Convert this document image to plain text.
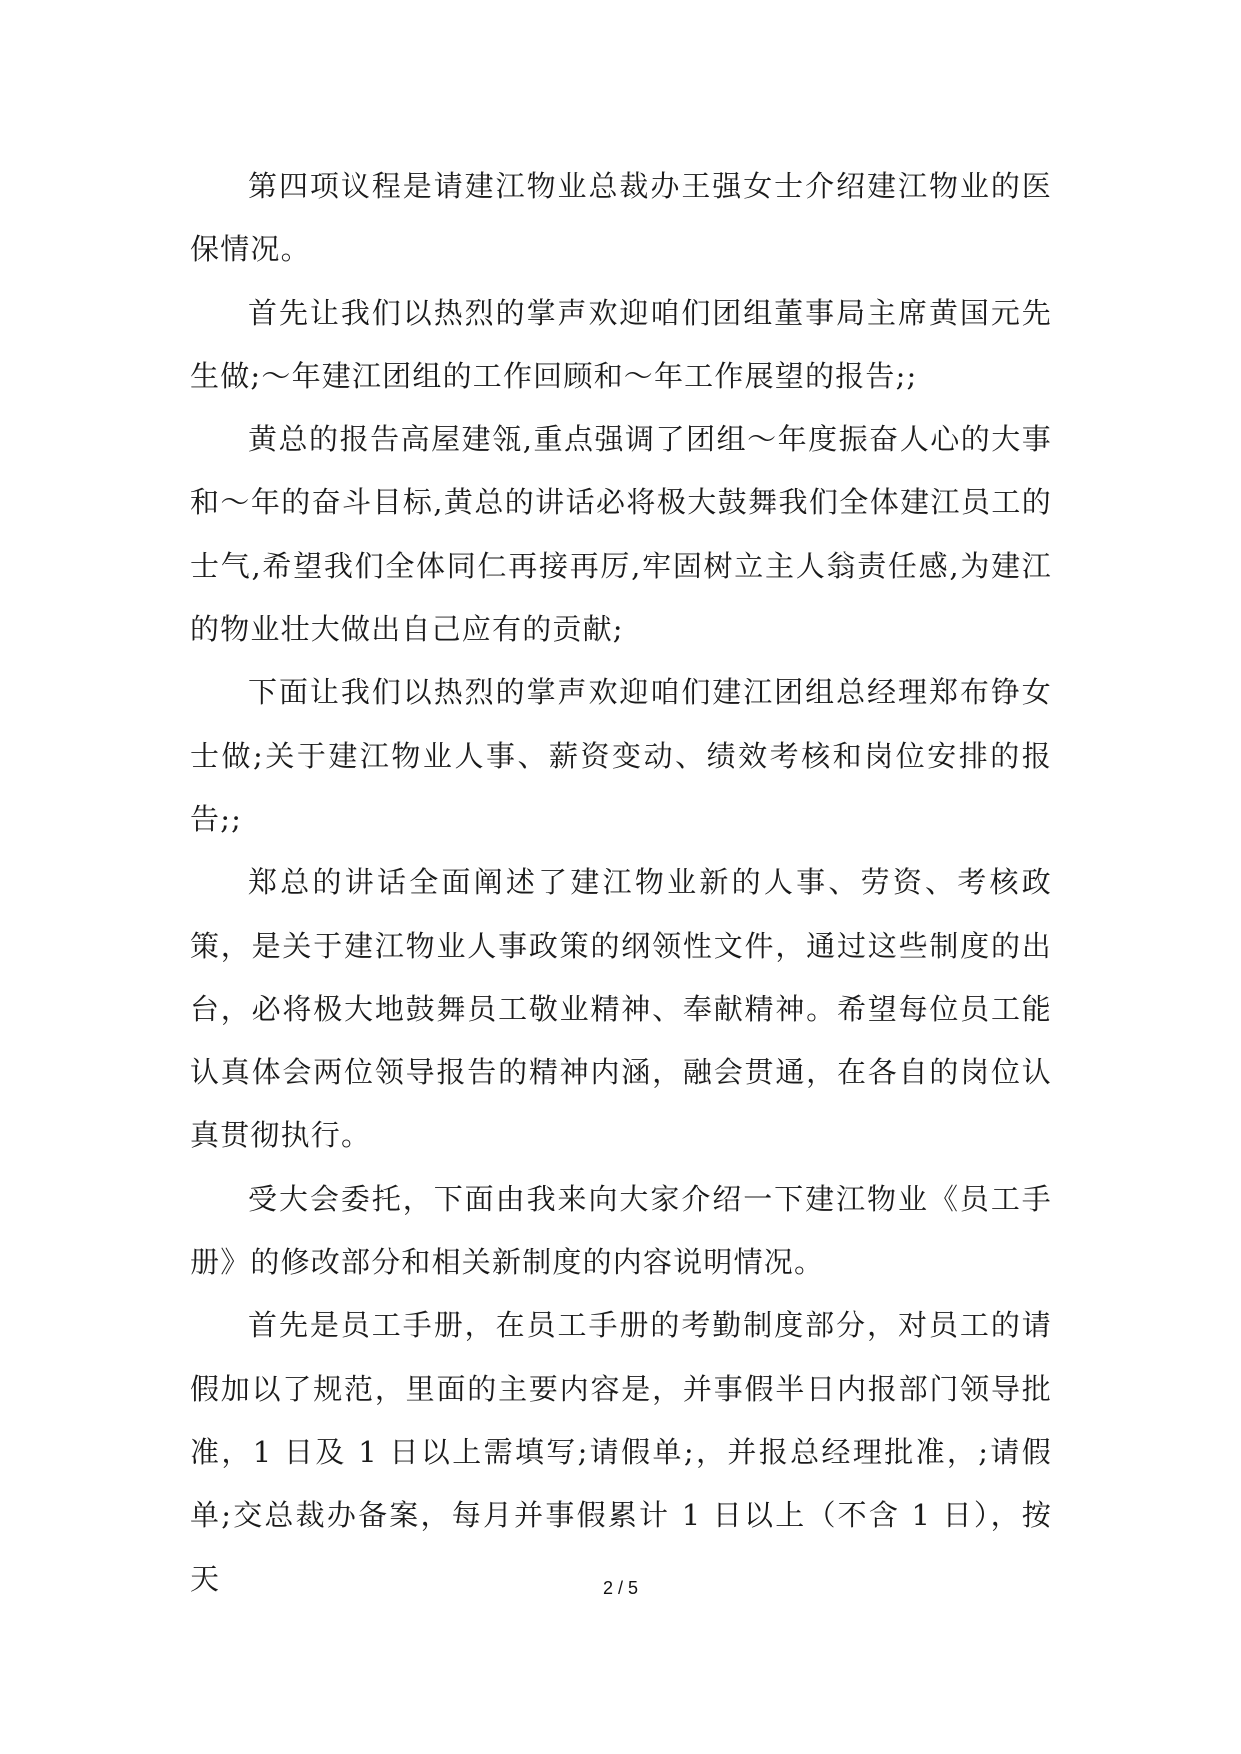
第四项议程是请建江物业总裁办王强女士介绍建江物业的医保情况。

首先让我们以热烈的掌声欢迎咱们团组董事局主席黄国元先生做;～年建江团组的工作回顾和～年工作展望的报告;;

黄总的报告高屋建瓴,重点强调了团组～年度振奋人心的大事和～年的奋斗目标,黄总的讲话必将极大鼓舞我们全体建江员工的士气,希望我们全体同仁再接再厉,牢固树立主人翁责任感,为建江的物业壮大做出自己应有的贡献;

下面让我们以热烈的掌声欢迎咱们建江团组总经理郑布铮女士做;关于建江物业人事、薪资变动、绩效考核和岗位安排的报告;;

郑总的讲话全面阐述了建江物业新的人事、劳资、考核政策，是关于建江物业人事政策的纲领性文件，通过这些制度的出台，必将极大地鼓舞员工敬业精神、奉献精神。希望每位员工能认真体会两位领导报告的精神内涵，融会贯通，在各自的岗位认真贯彻执行。

受大会委托，下面由我来向大家介绍一下建江物业《员工手册》的修改部分和相关新制度的内容说明情况。

首先是员工手册，在员工手册的考勤制度部分，对员工的请假加以了规范，里面的主要内容是，并事假半日内报部门领导批准，1 日及 1 日以上需填写;请假单;，并报总经理批准，;请假单;交总裁办备案，每月并事假累计 1 日以上（不含 1 日），按天	2 / 5
